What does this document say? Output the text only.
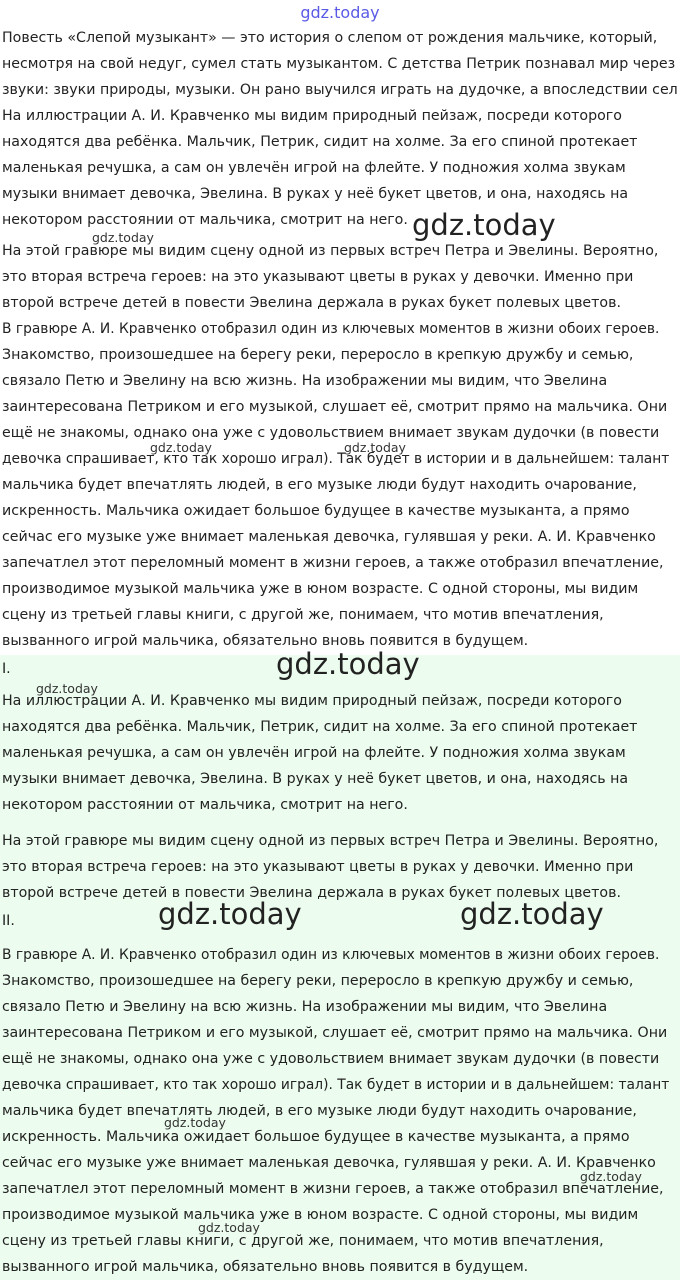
gdz.today
Повесть «Слепой музыкант» — это история о слепом от рождения мальчике, который,
несмотря на свой недуг, сумел стать музыкантом. С детства Петрик познавал мир через
звуки: звуки природы, музыки. Он рано выучился играть на дудочке, а впоследствии сел
На иллюстрации А. И. Кравченко мы видим природный пейзаж, посреди которого
находятся два ребёнка. Мальчик, Петрик, сидит на холме. За его спиной протекает
маленькая речушка, а сам он увлечён игрой на флейте. У подножия холма звукам
музыки внимает девочка, Эвелина. В руках у неё букет цветов, и она, находясь на
некотором расстоянии от мальчика, смотрит на него.
На этой гравюре мы видим сцену одной из первых встреч Петра и Эвелины. Вероятно,
это вторая встреча героев: на это указывают цветы в руках у девочки. Именно при
второй встрече детей в повести Эвелина держала в руках букет полевых цветов.
В гравюре А. И. Кравченко отобразил один из ключевых моментов в жизни обоих героев.
Знакомство, произошедшее на берегу реки, переросло в крепкую дружбу и семью,
связало Петю и Эвелину на всю жизнь. На изображении мы видим, что Эвелина
заинтересована Петриком и его музыкой, слушает её, смотрит прямо на мальчика. Они
ещё не знакомы, однако она уже с удовольствием внимает звукам дудочки (в повести
девочка спрашивает, кто так хорошо играл). Так будет в истории и в дальнейшем: талант
мальчика будет впечатлять людей, в его музыке люди будут находить очарование,
искренность. Мальчика ожидает большое будущее в качестве музыканта, а прямо
сейчас его музыке уже внимает маленькая девочка, гулявшая у реки. А. И. Кравченко
запечатлел этот переломный момент в жизни героев, а также отобразил впечатление,
производимое музыкой мальчика уже в юном возрасте. С одной стороны, мы видим
сцену из третьей главы книги, с другой же, понимаем, что мотив впечатления,
вызванного игрой мальчика, обязательно вновь появится в будущем.
gdz.today
gdz.today
gdz.today	gdz.today
I.
На иллюстрации А. И. Кравченко мы видим природный пейзаж, посреди которого
находятся два ребёнка. Мальчик, Петрик, сидит на холме. За его спиной протекает
маленькая речушка, а сам он увлечён игрой на флейте. У подножия холма звукам
музыки внимает девочка, Эвелина. В руках у неё букет цветов, и она, находясь на
некотором расстоянии от мальчика, смотрит на него.
На этой гравюре мы видим сцену одной из первых встреч Петра и Эвелины. Вероятно,
это вторая встреча героев: на это указывают цветы в руках у девочки. Именно при
второй встрече детей в повести Эвелина держала в руках букет полевых цветов.
II.
В гравюре А. И. Кравченко отобразил один из ключевых моментов в жизни обоих героев.
Знакомство, произошедшее на берегу реки, переросло в крепкую дружбу и семью,
связало Петю и Эвелину на всю жизнь. На изображении мы видим, что Эвелина
заинтересована Петриком и его музыкой, слушает её, смотрит прямо на мальчика. Они
ещё не знакомы, однако она уже с удовольствием внимает звукам дудочки (в повести
девочка спрашивает, кто так хорошо играл). Так будет в истории и в дальнейшем: талант
мальчика будет впечатлять людей, в его музыке люди будут находить очарование,
искренность. Мальчика ожидает большое будущее в качестве музыканта, а прямо
сейчас его музыке уже внимает маленькая девочка, гулявшая у реки. А. И. Кравченко
запечатлел этот переломный момент в жизни героев, а также отобразил впечатление,
производимое музыкой мальчика уже в юном возрасте. С одной стороны, мы видим
сцену из третьей главы книги, с другой же, понимаем, что мотив впечатления,
вызванного игрой мальчика, обязательно вновь появится в будущем.
gdz.today
gdz.today
gdz.today	gdz.today
gdz.today
gdz.today
gdz.today
